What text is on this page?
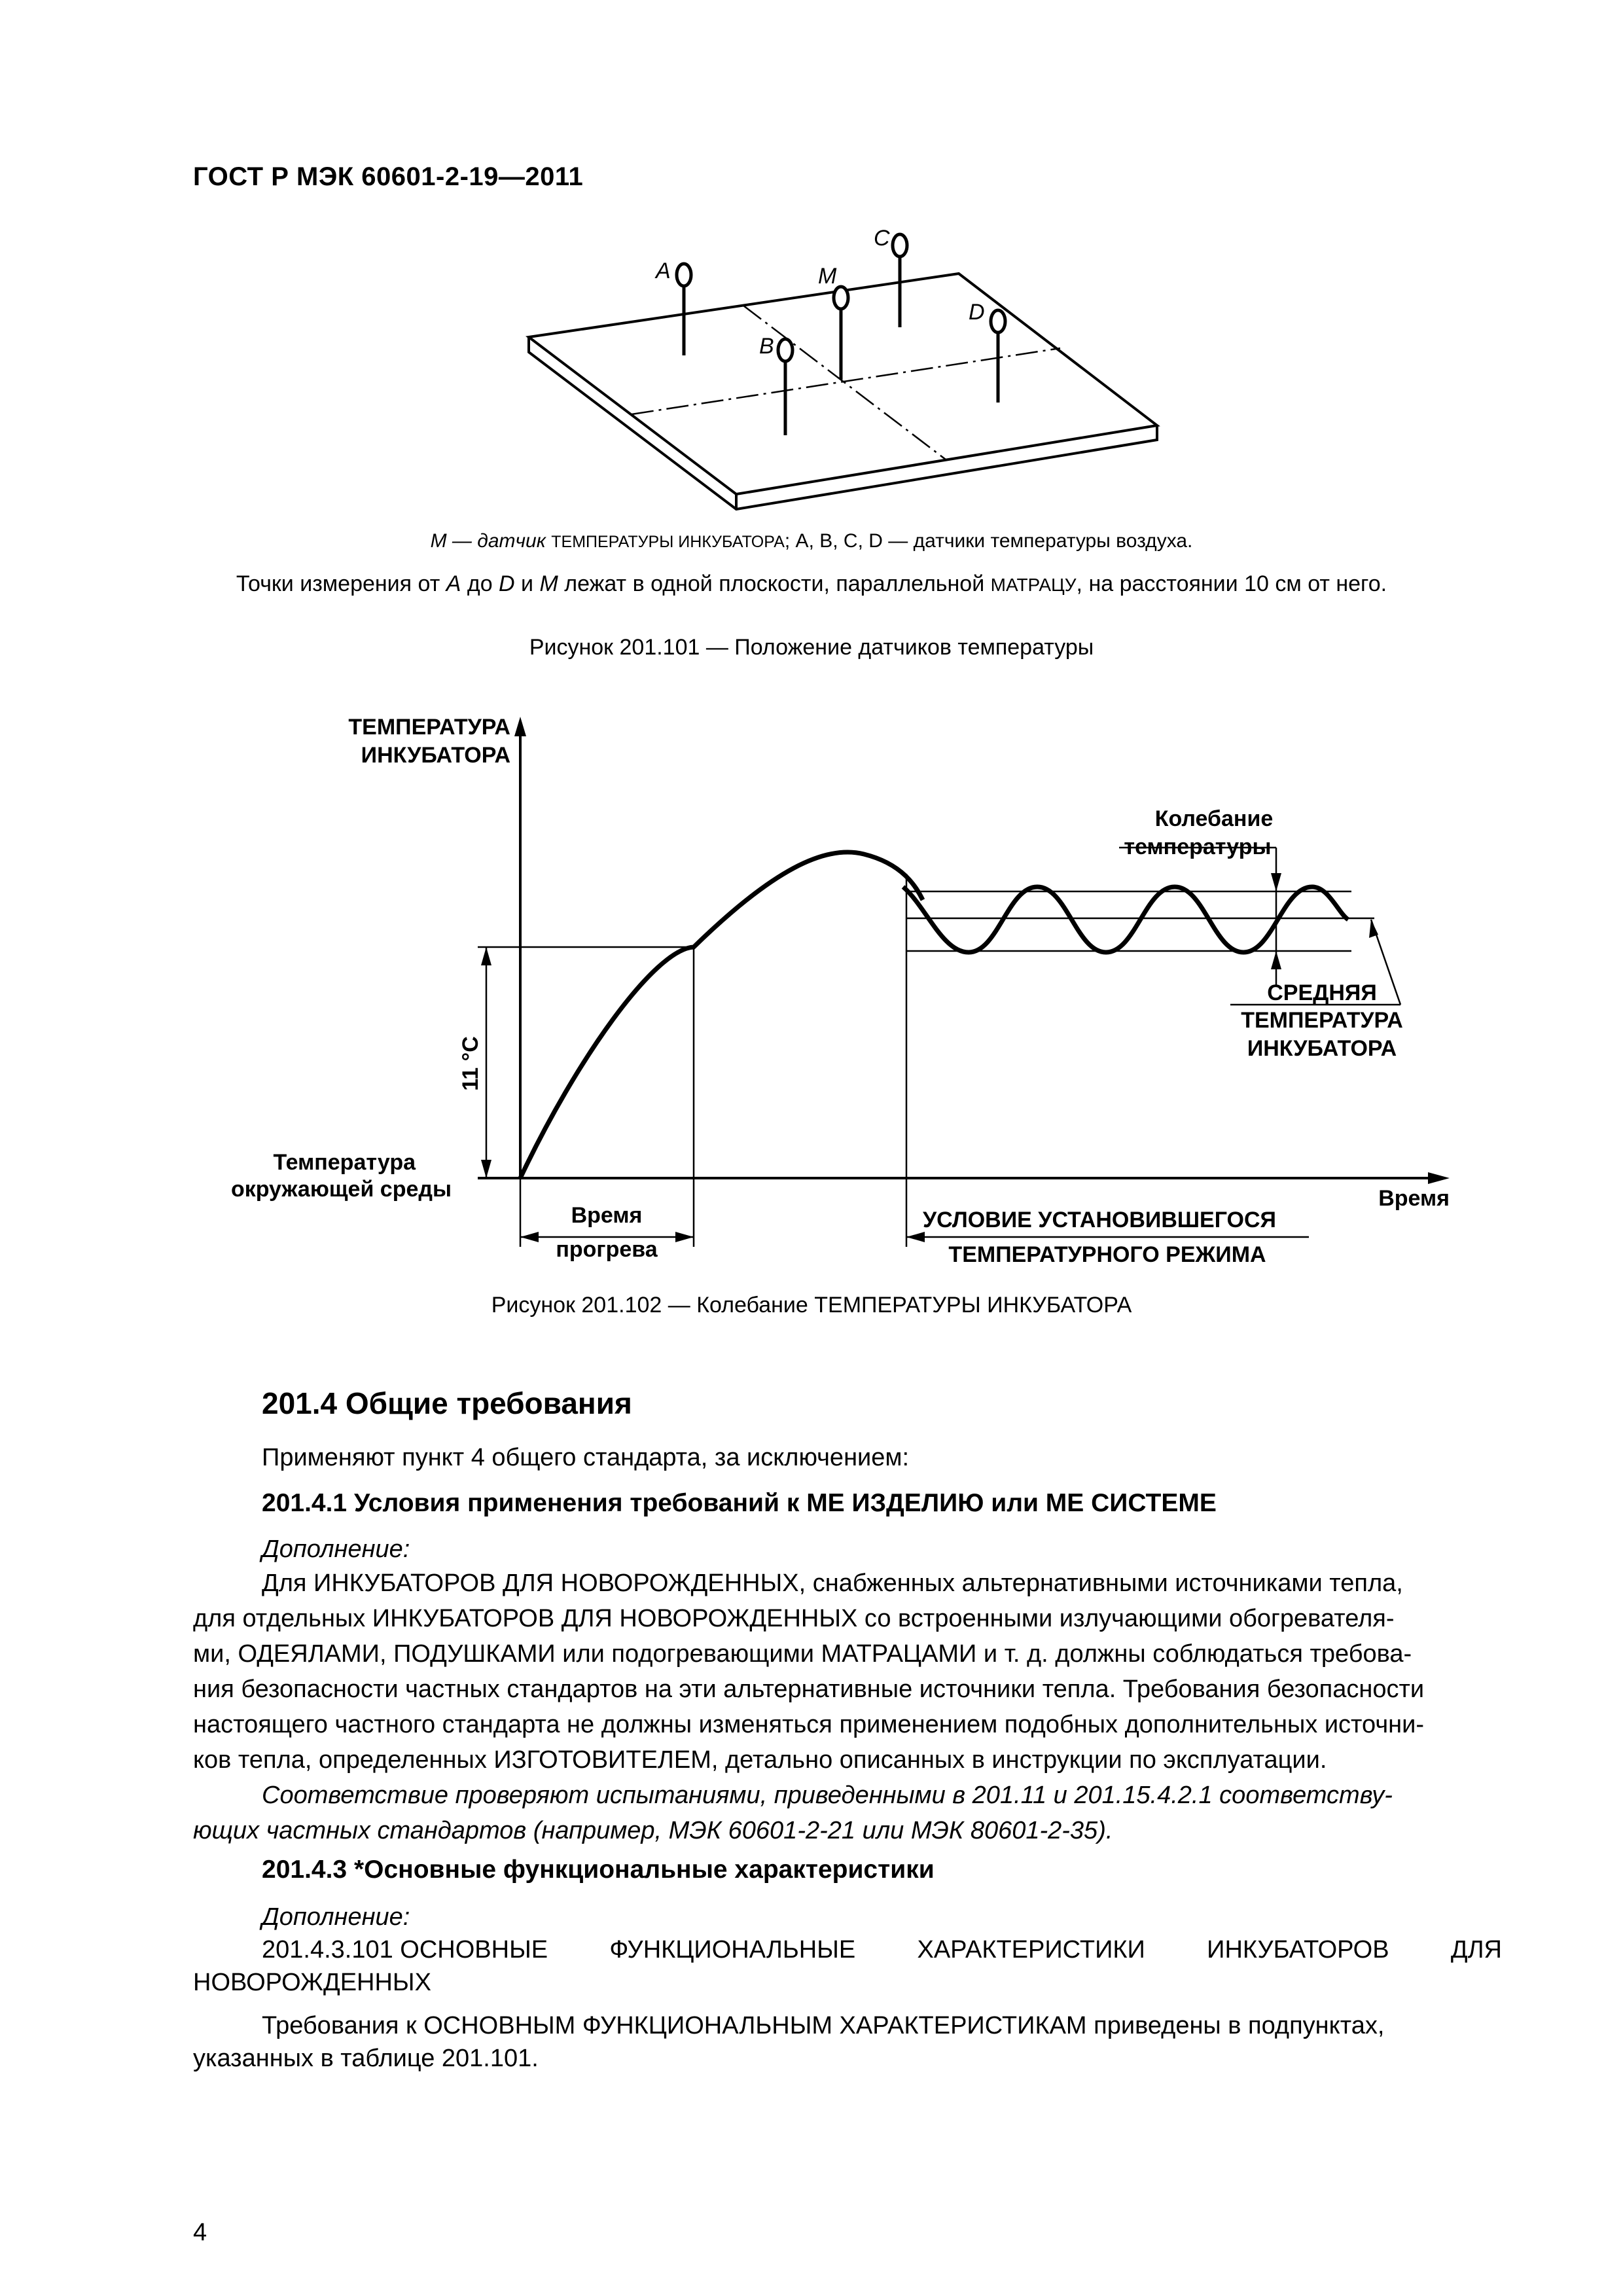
ГОСТ Р МЭК 60601-2-19—2011
A	M
C
B
D
М — датчик ТЕМПЕРАТУРЫ ИНКУБАТОРА; А, В, С, D — датчики температуры воздуха.
Точки измерения от А до D и М лежат в одной плоскости, параллельной МАТРАЦУ, на расстоянии 10 см от него.
Рисунок 201.101 — Положение датчиков температуры
ТЕМПЕРАТУРА
ИНКУБАТОРА
Температура
окружающей среды	Время
Время
прогрева
УСЛОВИЕ УСТАНОВИВШЕГОСЯ
ТЕМПЕРАТУРНОГО РЕЖИМА
Колебание
температуры
СРЕДНЯЯ
ТЕМПЕРАТУРА
ИНКУБАТОРА
11 °C
Рисунок 201.102 — Колебание ТЕМПЕРАТУРЫ ИНКУБАТОРА
201.4 Общие требования
Применяют пункт 4 общего стандарта, за исключением:
201.4.1 Условия применения требований к МЕ ИЗДЕЛИЮ или МЕ СИСТЕМЕ
Дополнение:
Для ИНКУБАТОРОВ ДЛЯ НОВОРОЖДЕННЫХ, снабженных альтернативными источниками тепла,
для отдельных ИНКУБАТОРОВ ДЛЯ НОВОРОЖДЕННЫХ со встроенными излучающими обогревателя-
ми, ОДЕЯЛАМИ, ПОДУШКАМИ или подогревающими МАТРАЦАМИ и т. д. должны соблюдаться требова-
ния безопасности частных стандартов на эти альтернативные источники тепла. Требования безопасности
настоящего частного стандарта не должны изменяться применением подобных дополнительных источни-
ков тепла, определенных ИЗГОТОВИТЕЛЕМ, детально описанных в инструкции по эксплуатации.
Соответствие проверяют испытаниями, приведенными в 201.11 и 201.15.4.2.1 соответству-
ющих частных стандартов (например, МЭК 60601-2-21 или МЭК 80601-2-35).
201.4.3 *Основные функциональные характеристики
Дополнение:
201.4.3.101 ОСНОВНЫЕ ФУНКЦИОНАЛЬНЫЕ ХАРАКТЕРИСТИКИ ИНКУБАТОРОВ ДЛЯ
НОВОРОЖДЕННЫХ
Требования к ОСНОВНЫМ ФУНКЦИОНАЛЬНЫМ ХАРАКТЕРИСТИКАМ приведены в подпунктах,
указанных в таблице 201.101.
4
